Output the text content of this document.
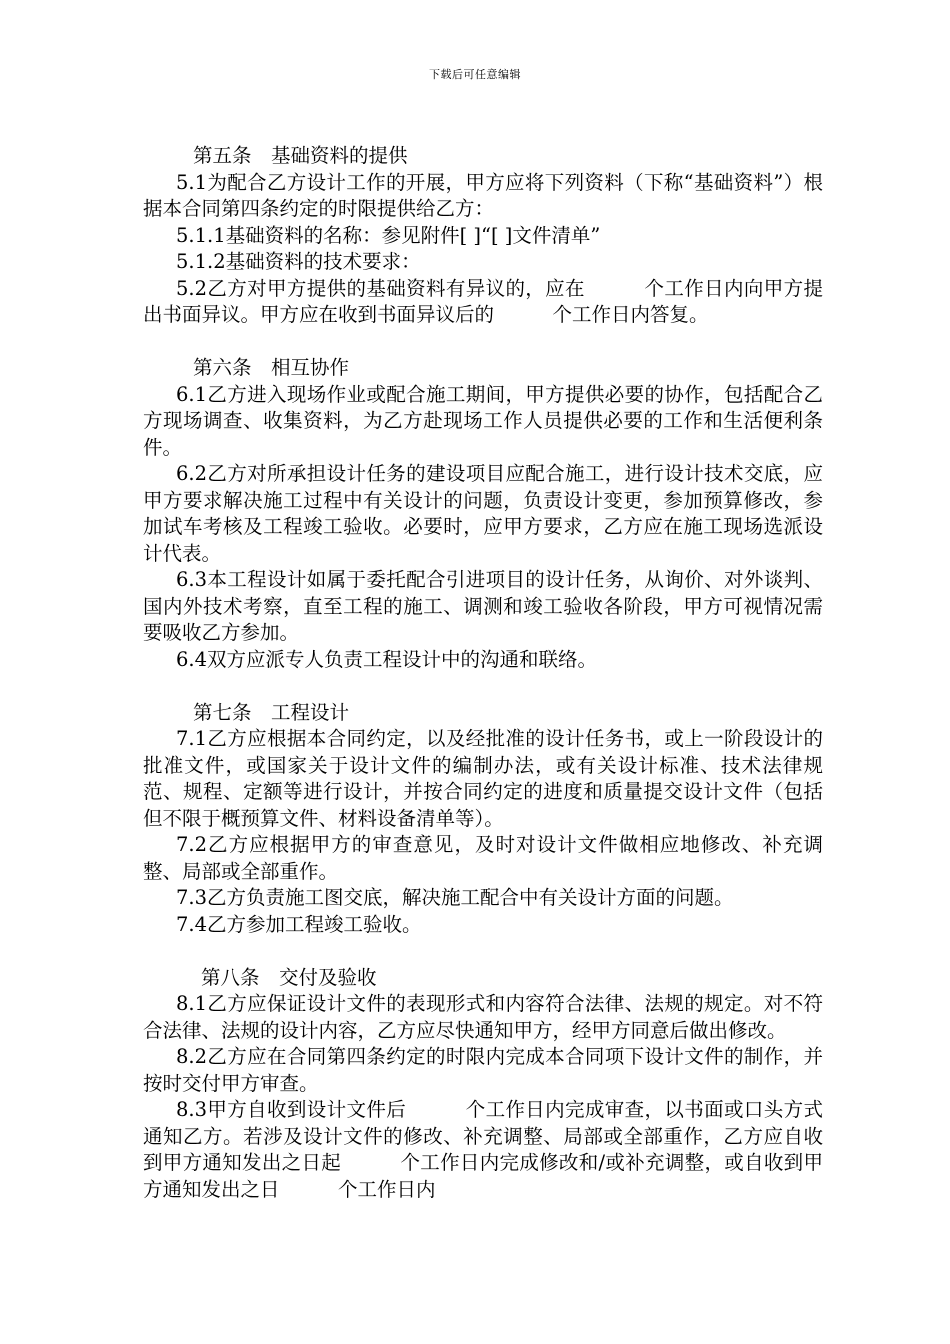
下载后可任意编辑
第五条　基础资料的提供
5.1为配合乙方设计工作的开展，甲方应将下列资料（下称“基础资料”）根据本合同第四条约定的时限提供给乙方：
5.1.1基础资料的名称：参见附件[ ]“[ ]文件清单”
5.1.2基础资料的技术要求：
5.2乙方对甲方提供的基础资料有异议的，应在　　　个工作日内向甲方提出书面异议。甲方应在收到书面异议后的　　　个工作日内答复。
第六条　相互协作
6.1乙方进入现场作业或配合施工期间，甲方提供必要的协作，包括配合乙方现场调查、收集资料，为乙方赴现场工作人员提供必要的工作和生活便利条件。
6.2乙方对所承担设计任务的建设项目应配合施工，进行设计技术交底，应甲方要求解决施工过程中有关设计的问题，负责设计变更，参加预算修改，参加试车考核及工程竣工验收。必要时，应甲方要求，乙方应在施工现场选派设计代表。
6.3本工程设计如属于委托配合引进项目的设计任务，从询价、对外谈判、国内外技术考察，直至工程的施工、调测和竣工验收各阶段，甲方可视情况需要吸收乙方参加。
6.4双方应派专人负责工程设计中的沟通和联络。
第七条　工程设计
7.1乙方应根据本合同约定，以及经批准的设计任务书，或上一阶段设计的批准文件，或国家关于设计文件的编制办法，或有关设计标准、技术法律规范、规程、定额等进行设计，并按合同约定的进度和质量提交设计文件（包括但不限于概预算文件、材料设备清单等）。
7.2乙方应根据甲方的审查意见，及时对设计文件做相应地修改、补充调整、局部或全部重作。
7.3乙方负责施工图交底，解决施工配合中有关设计方面的问题。
7.4乙方参加工程竣工验收。
第八条　交付及验收
8.1乙方应保证设计文件的表现形式和内容符合法律、法规的规定。对不符合法律、法规的设计内容，乙方应尽快通知甲方，经甲方同意后做出修改。
8.2乙方应在合同第四条约定的时限内完成本合同项下设计文件的制作，并按时交付甲方审查。
8.3甲方自收到设计文件后　　　个工作日内完成审查，以书面或口头方式通知乙方。若涉及设计文件的修改、补充调整、局部或全部重作，乙方应自收到甲方通知发出之日起　　　个工作日内完成修改和/或补充调整，或自收到甲方通知发出之日　　　个工作日内
